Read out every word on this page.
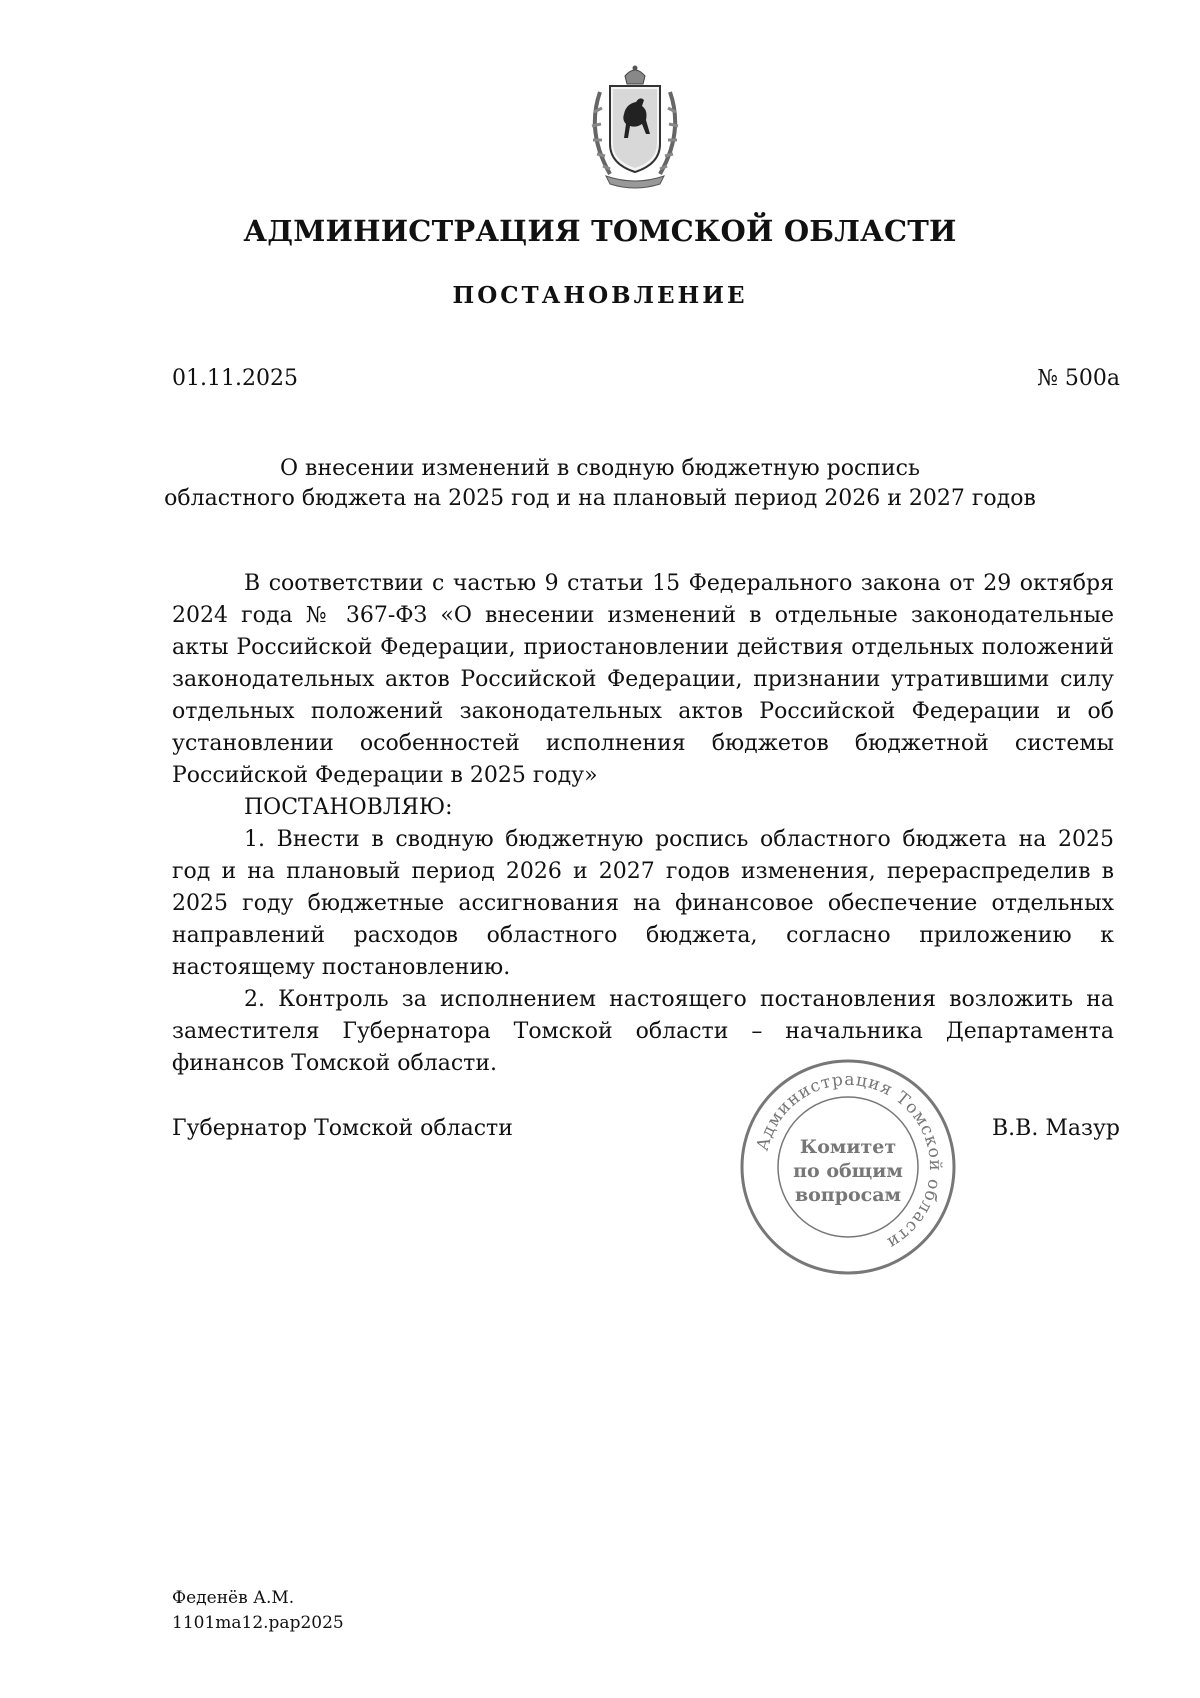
АДМИНИСТРАЦИЯ ТОМСКОЙ ОБЛАСТИ
ПОСТАНОВЛЕНИЕ
01.11.2025	№ 500а
О внесении изменений в сводную бюджетную роспись
областного бюджета на 2025 год и на плановый период 2026 и 2027 годов

В соответствии с частью 9 статьи 15 Федерального закона от 29 октября 2024 года № 367-ФЗ «О внесении изменений в отдельные законодательные акты Российской Федерации, приостановлении действия отдельных положений законодательных актов Российской Федерации, признании утратившими силу отдельных положений законодательных актов Российской Федерации и об установлении особенностей исполнения бюджетов бюджетной системы Российской Федерации в 2025 году»

ПОСТАНОВЛЯЮ:

1. Внести в сводную бюджетную роспись областного бюджета на 2025 год и на плановый период 2026 и 2027 годов изменения, перераспределив в 2025 году бюджетные ассигнования на финансовое обеспечение отдельных направлений расходов областного бюджета, согласно приложению к настоящему постановлению.

2. Контроль за исполнением настоящего постановления возложить на заместителя Губернатора Томской области – начальника Департамента финансов Томской области.

Губернатор Томской области	В.В. Мазур
Администрация Томской области
Комитет
по общим
вопросам
Феденёв А.М.
1101ma12.pap2025
